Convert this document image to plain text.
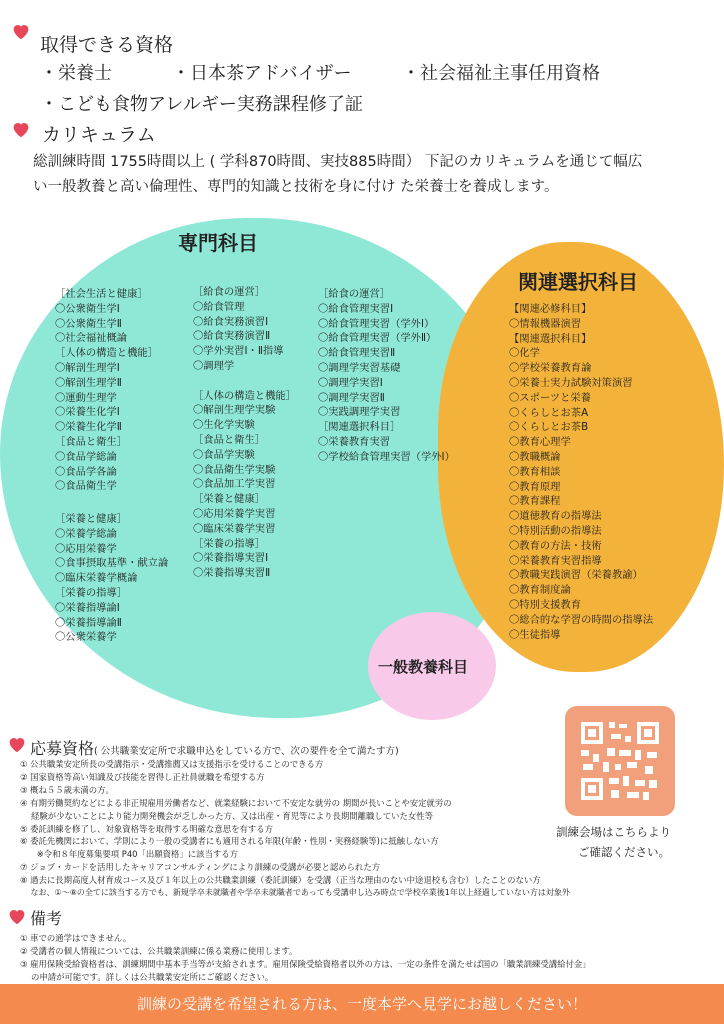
取得できる資格
・栄養士	・日本茶アドバイザー	・社会福祉主事任用資格
・こども食物アレルギー実務課程修了証
カリキュラム
総訓練時間 1755時間以上 ( 学科870時間、実技885時間） 下記のカリキュラムを通じて幅広
い一般教養と高い倫理性、専門的知識と技術を身に付け た栄養士を養成します。
専門科目
関連選択科目
一般教養科目
［社会生活と健康］
〇公衆衛生学Ⅰ
〇公衆衛生学Ⅱ
〇社会福祉概論
［人体の構造と機能］
〇解剖生理学Ⅰ
〇解剖生理学Ⅱ
〇運動生理学
〇栄養生化学Ⅰ
〇栄養生化学Ⅱ
［食品と衛生］
〇食品学総論
〇食品学各論
〇食品衛生学
［栄養と健康］
〇栄養学総論
〇応用栄養学
〇食事摂取基準・献立論
〇臨床栄養学概論
［栄養の指導］
〇栄養指導論Ⅰ
〇栄養指導論Ⅱ
〇公衆栄養学
［給食の運営］
〇給食管理
〇給食実務演習Ⅰ
〇給食実務演習Ⅱ
〇学外実習Ⅰ・Ⅱ指導
〇調理学
［人体の構造と機能］
〇解剖生理学実験
〇生化学実験
［食品と衛生］
〇食品学実験
〇食品衛生学実験
〇食品加工学実習
［栄養と健康］
〇応用栄養学実習
〇臨床栄養学実習
［栄養の指導］
〇栄養指導実習Ⅰ
〇栄養指導実習Ⅱ
［給食の運営］
〇給食管理実習Ⅰ
〇給食管理実習（学外Ⅰ）
〇給食管理実習（学外Ⅱ）
〇給食管理実習Ⅱ
〇調理学実習基礎
〇調理学実習Ⅰ
〇調理学実習Ⅱ
〇実践調理学実習
［関連選択科目］
〇栄養教育実習
〇学校給食管理実習（学外Ⅰ）
【関連必修科目】
〇情報機器演習
【関連選択科目】
〇化学
〇学校栄養教育論
〇栄養士実力試験対策演習
〇スポーツと栄養
〇くらしとお茶A
〇くらしとお茶B
〇教育心理学
〇教職概論
〇教育相談
〇教育原理
〇教育課程
〇道徳教育の指導法
〇特別活動の指導法
〇教育の方法・技術
〇栄養教育実習指導
〇教職実践演習（栄養教諭）
〇教育制度論
〇特別支援教育
〇総合的な学習の時間の指導法
〇生徒指導
応募資格( 公共職業安定所で求職申込をしている方で、次の要件を全て満たす方)
① 公共職業安定所長の受講指示・受講推薦又は支援指示を受けることのできる方
② 国家資格等高い知識及び技能を習得し正社員就職を希望する方
③ 概ね５５歳未満の方。
④ 有期労働契約などによる非正規雇用労働者など、就業経験において不安定な就労の 期間が長いことや安定就労の
　 経験が少ないことにより能力開発機会が乏しかった方、又は出産・育児等により長期間離職していた女性等
⑤ 委託訓練を修了し、対象資格等を取得する明確な意思を有する方
⑥ 委託先機関において、学則により一般の受講者にも適用される年限(年齢・性別・実務経験等)に抵触しない方
　　※令和８年度募集要項 P40「出願資格」に該当する方
⑦ ジョブ・カードを活用したキャリアコンサルティングにより訓練の受講が必要と認められた方
⑧ 過去に長期高度人材育成コース及び１年以上の公共職業訓練（委託訓練）を受講（正当な理由のない中途退校も含む）したことのない方
　 なお、①～⑧の全てに該当する方でも、新規学卒未就職者や学卒未就職者であっても受講申し込み時点で学校卒業後1年以上経過していない方は対象外
訓練会場はこちらより
ご確認ください。
備考
① 車での通学はできません。
② 受講者の個人情報については、公共職業訓練に係る業務に使用します。
③ 雇用保険受給資格者は、訓練期間中基本手当等が支給されます。雇用保険受給資格者以外の方は、一定の条件を満たせば国の「職業訓練受講給付金」
　 の申請が可能です。詳しくは公共職業安定所にご確認ください。
訓練の受講を希望される方は、一度本学へ見学にお越しください！
